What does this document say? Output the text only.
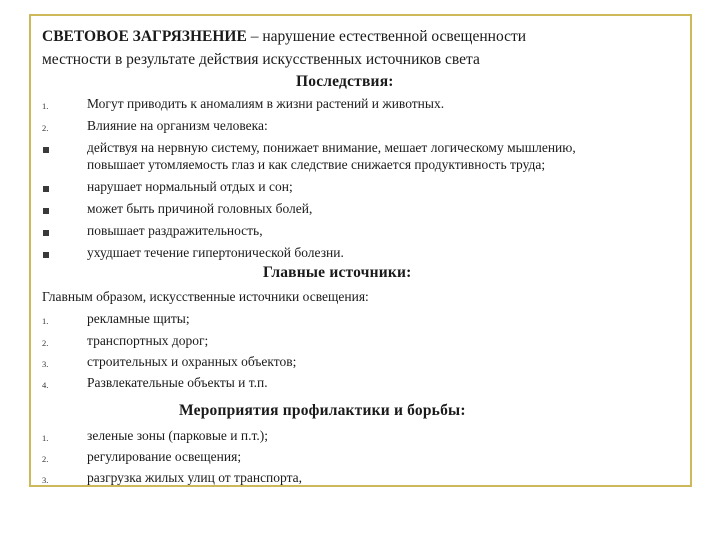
СВЕТОВОЕ ЗАГРЯЗНЕНИЕ – нарушение естественной освещенности
местности в результате действия искусственных источников света
Последствия:
1.	Могут приводить к аномалиям в жизни растений и животных.
2.	Влияние на организм человека:
действуя на нервную систему, понижает внимание, мешает логическому мышлению,
повышает утомляемость глаз и как следствие снижается продуктивность труда;
нарушает нормальный отдых и сон;
может быть причиной головных болей,
повышает раздражительность,
ухудшает течение гипертонической болезни.
Главные источники:
Главным образом, искусственные источники освещения:
1.	рекламные щиты;
2.	транспортных дорог;
3.	строительных и охранных объектов;
4.	Развлекательные объекты и т.п.
Мероприятия профилактики и борьбы:
1.	зеленые зоны (парковые и п.т.);
2.	регулирование освещения;
3.	разгрузка жилых улиц от транспорта,
